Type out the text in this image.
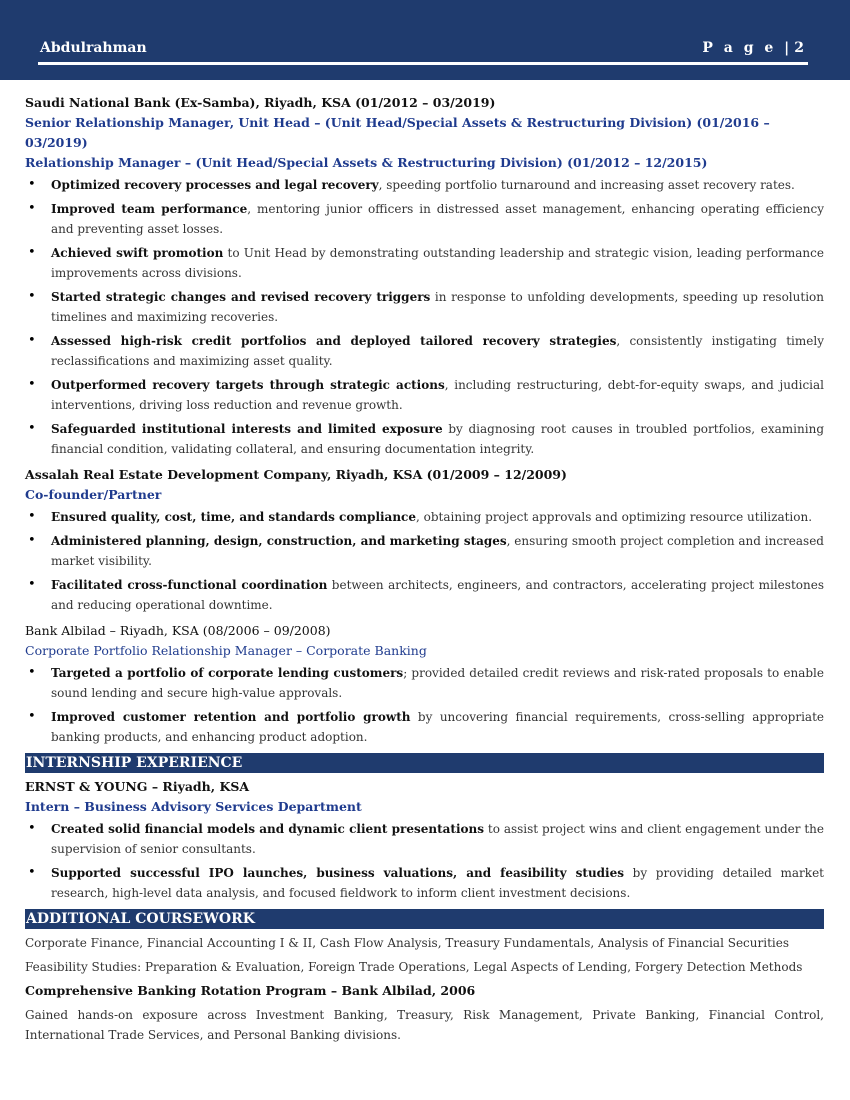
Abdulrahman	P a g e | 2

Saudi National Bank (Ex-Samba), Riyadh, KSA (01/2012 – 03/2019)

Senior Relationship Manager, Unit Head – (Unit Head/Special Assets & Restructuring Division) (01/2016 – 03/2019)

Relationship Manager – (Unit Head/Special Assets & Restructuring Division) (01/2012 – 12/2015)

• Optimized recovery processes and legal recovery, speeding portfolio turnaround and increasing asset recovery rates.
• Improved team performance, mentoring junior officers in distressed asset management, enhancing operating efficiency and preventing asset losses.
• Achieved swift promotion to Unit Head by demonstrating outstanding leadership and strategic vision, leading performance improvements across divisions.
• Started strategic changes and revised recovery triggers in response to unfolding developments, speeding up resolution timelines and maximizing recoveries.
• Assessed high-risk credit portfolios and deployed tailored recovery strategies, consistently instigating timely reclassifications and maximizing asset quality.
• Outperformed recovery targets through strategic actions, including restructuring, debt-for-equity swaps, and judicial interventions, driving loss reduction and revenue growth.
• Safeguarded institutional interests and limited exposure by diagnosing root causes in troubled portfolios, examining financial condition, validating collateral, and ensuring documentation integrity.

Assalah Real Estate Development Company, Riyadh, KSA (01/2009 – 12/2009)

Co-founder/Partner

• Ensured quality, cost, time, and standards compliance, obtaining project approvals and optimizing resource utilization.
• Administered planning, design, construction, and marketing stages, ensuring smooth project completion and increased market visibility.
• Facilitated cross-functional coordination between architects, engineers, and contractors, accelerating project milestones and reducing operational downtime.

Bank Albilad – Riyadh, KSA (08/2006 – 09/2008)

Corporate Portfolio Relationship Manager – Corporate Banking

• Targeted a portfolio of corporate lending customers; provided detailed credit reviews and risk-rated proposals to enable sound lending and secure high-value approvals.
• Improved customer retention and portfolio growth by uncovering financial requirements, cross-selling appropriate banking products, and enhancing product adoption.
INTERNSHIP EXPERIENCE

ERNST & YOUNG – Riyadh, KSA

Intern – Business Advisory Services Department

• Created solid financial models and dynamic client presentations to assist project wins and client engagement under the supervision of senior consultants.
• Supported successful IPO launches, business valuations, and feasibility studies by providing detailed market research, high-level data analysis, and focused fieldwork to inform client investment decisions.
ADDITIONAL COURSEWORK

Corporate Finance, Financial Accounting I & II, Cash Flow Analysis, Treasury Fundamentals, Analysis of Financial Securities

Feasibility Studies: Preparation & Evaluation, Foreign Trade Operations, Legal Aspects of Lending, Forgery Detection Methods

Comprehensive Banking Rotation Program – Bank Albilad, 2006

Gained hands-on exposure across Investment Banking, Treasury, Risk Management, Private Banking, Financial Control, International Trade Services, and Personal Banking divisions.
